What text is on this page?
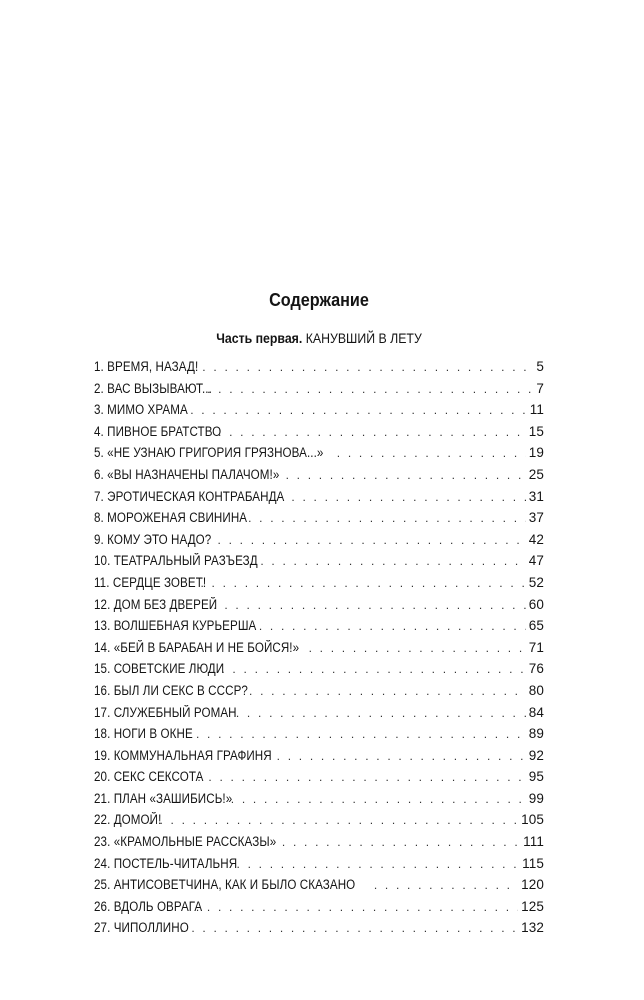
Содержание
Часть первая. КАНУВШИЙ В ЛЕТУ
1. ВРЕМЯ, НАЗАД! . . .	5
2. ВАС ВЫЗЫВАЮТ... . . .	7
3. МИМО ХРАМА . . .	11
4. ПИВНОЕ БРАТСТВО . . .	15
5. «НЕ УЗНАЮ ГРИГОРИЯ ГРЯЗНОВА...» . . .	19
6. «ВЫ НАЗНАЧЕНЫ ПАЛАЧОМ!» . . .	25
7. ЭРОТИЧЕСКАЯ КОНТРАБАНДА . . .	31
8. МОРОЖЕНАЯ СВИНИНА . . .	37
9. КОМУ ЭТО НАДО? . . .	42
10. ТЕАТРАЛЬНЫЙ РАЗЪЕЗД . . .	47
11. СЕРДЦЕ ЗОВЕТ! . . .	52
12. ДОМ БЕЗ ДВЕРЕЙ . . .	60
13. ВОЛШЕБНАЯ КУРЬЕРША . . .	65
14. «БЕЙ В БАРАБАН И НЕ БОЙСЯ!» . . .	71
15. СОВЕТСКИЕ ЛЮДИ . . .	76
16. БЫЛ ЛИ СЕКС В СССР? . . .	80
17. СЛУЖЕБНЫЙ РОМАН . . .	84
18. НОГИ В ОКНЕ . . .	89
19. КОММУНАЛЬНАЯ ГРАФИНЯ . . .	92
20. СЕКС СЕКСОТА . . .	95
21. ПЛАН «ЗАШИБИСЬ!» . . .	99
22. ДОМОЙ! . . .	105
23. «КРАМОЛЬНЫЕ РАССКАЗЫ» . . .	111
24. ПОСТЕЛЬ-ЧИТАЛЬНЯ . . .	115
25. АНТИСОВЕТЧИНА, КАК И БЫЛО СКАЗАНО . . .	120
26. ВДОЛЬ ОВРАГА . . .	125
27. ЧИПОЛЛИНО . . .	132
